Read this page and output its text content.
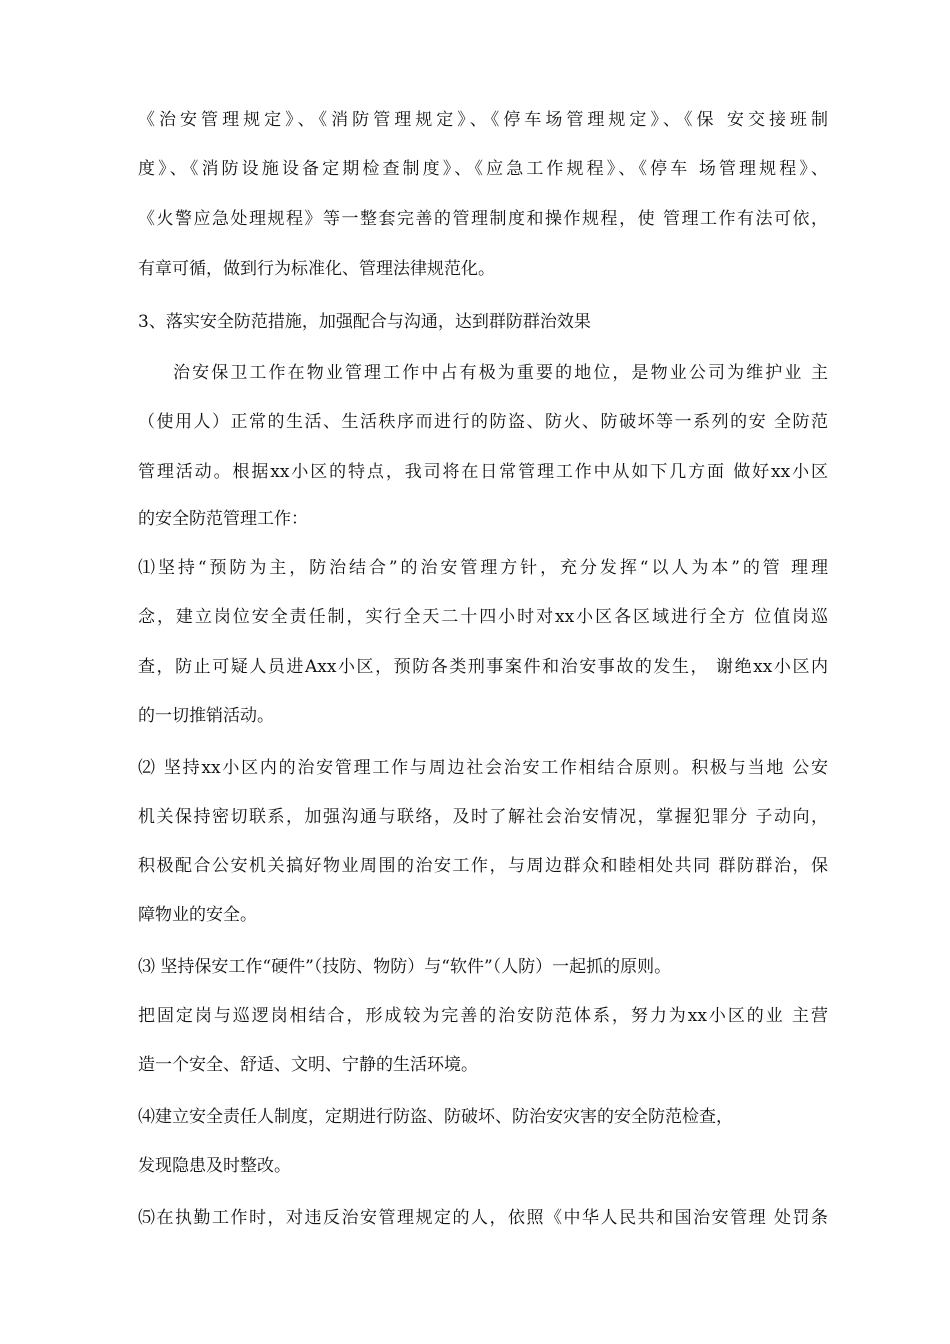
《治安管理规定》、《消防管理规定》、《停车场管理规定》、《保 安交接班制

度》、《消防设施设备定期检查制度》、《应急工作规程》、《停车 场管理规程》、

《火警应急处理规程》等一整套完善的管理制度和操作规程，使 管理工作有法可依，

有章可循，做到行为标准化、管理法律规范化。

3、落实安全防范措施，加强配合与沟通，达到群防群治效果

治安保卫工作在物业管理工作中占有极为重要的地位，是物业公司为维护业 主

（使用人）正常的生活、生活秩序而进行的防盗、防火、防破坏等一系列的安 全防范

管理活动。根据xx小区的特点，我司将在日常管理工作中从如下几方面 做好xx小区

的安全防范管理工作：

⑴坚持“预防为主，防治结合”的治安管理方针，充分发挥“以人为本”的管 理理

念，建立岗位安全责任制，实行全天二十四小时对xx小区各区域进行全方 位值岗巡

查，防止可疑人员进Axx小区，预防各类刑事案件和治安事故的发生， 谢绝xx小区内

的一切推销活动。

⑵ 坚持xx小区内的治安管理工作与周边社会治安工作相结合原则。积极与当地 公安

机关保持密切联系，加强沟通与联络，及时了解社会治安情况，掌握犯罪分 子动向，

积极配合公安机关搞好物业周围的治安工作，与周边群众和睦相处共同 群防群治，保

障物业的安全。

⑶ 坚持保安工作“硬件”（技防、物防）与“软件”（人防）一起抓的原则。

把固定岗与巡逻岗相结合，形成较为完善的治安防范体系，努力为xx小区的业 主营

造一个安全、舒适、文明、宁静的生活环境。

⑷建立安全责任人制度，定期进行防盗、防破坏、防治安灾害的安全防范检查，

发现隐患及时整改。

⑸在执勤工作时，对违反治安管理规定的人，依照《中华人民共和国治安管理 处罚条
